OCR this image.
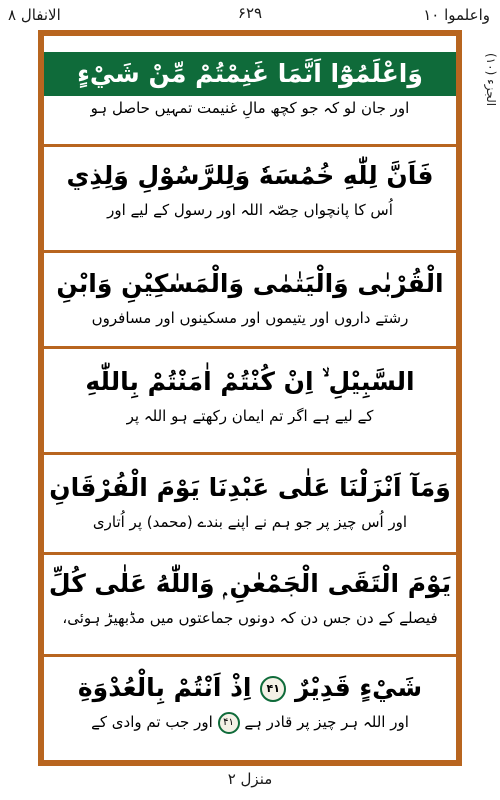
الانفال ۸	۶۲۹	واعلموا ۱۰
الجزء (۱۰)
وَاعْلَمُوْٓا اَنَّمَا غَنِمْتُمْ مِّنْ شَيْءٍ
اور جان لو کہ جو کچھ مالِ غنیمت تمہیں حاصل ہو
فَاَنَّ لِلّٰهِ خُمُسَهٗ وَلِلرَّسُوْلِ وَلِذِي
اُس کا پانچواں حِصّہ اللہ اور رسول کے لیے اور
الْقُرْبٰى وَالْيَتٰمٰى وَالْمَسٰكِيْنِ وَابْنِ
رشتے داروں اور یتیموں اور مسکینوں اور مسافروں
السَّبِيْلِ ۙ اِنْ كُنْتُمْ اٰمَنْتُمْ بِاللّٰهِ
کے لیے ہے اگر تم ایمان رکھتے ہو اللہ پر
وَمَآ اَنْزَلْنَا عَلٰى عَبْدِنَا يَوْمَ الْفُرْقَانِ
اور اُس چیز پر جو ہم نے اپنے بندے (محمد) پر اُتاری
يَوْمَ الْتَقَى الْجَمْعٰنِ ۭ وَاللّٰهُ عَلٰى كُلِّ
فیصلے کے دن جس دن کہ دونوں جماعتوں میں مڈبھیڑ ہوئی،
شَيْءٍ قَدِيْرٌ ۴۱ اِذْ اَنْتُمْ بِالْعُدْوَةِ
اور اللہ ہر چیز پر قادر ہے ۴۱ اور جب تم وادی کے
منزل ۲
